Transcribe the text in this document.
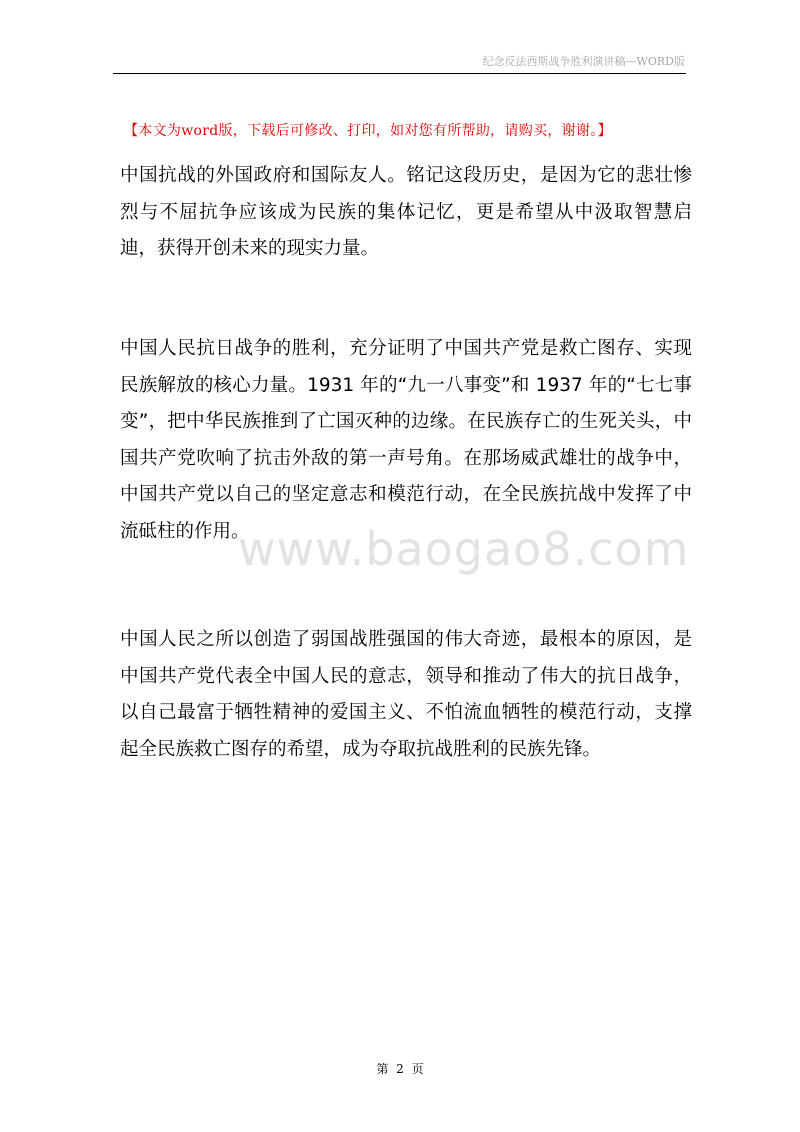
纪念反法西斯战争胜利演讲稿—WORD版
【本文为word版，下载后可修改、打印，如对您有所帮助，请购买，谢谢。】

中国抗战的外国政府和国际友人。铭记这段历史，是因为它的悲壮惨烈与不屈抗争应该成为民族的集体记忆，更是希望从中汲取智慧启迪，获得开创未来的现实力量。

中国人民抗日战争的胜利，充分证明了中国共产党是救亡图存、实现民族解放的核心力量。1931 年的“九一八事变”和 1937 年的“七七事变”，把中华民族推到了亡国灭种的边缘。在民族存亡的生死关头，中国共产党吹响了抗击外敌的第一声号角。在那场威武雄壮的战争中，中国共产党以自己的坚定意志和模范行动，在全民族抗战中发挥了中流砥柱的作用。

中国人民之所以创造了弱国战胜强国的伟大奇迹，最根本的原因，是中国共产党代表全中国人民的意志，领导和推动了伟大的抗日战争，以自己最富于牺牲精神的爱国主义、不怕流血牺牲的模范行动，支撑起全民族救亡图存的希望，成为夺取抗战胜利的民族先锋。

www.baogao8.com
第 2 页
